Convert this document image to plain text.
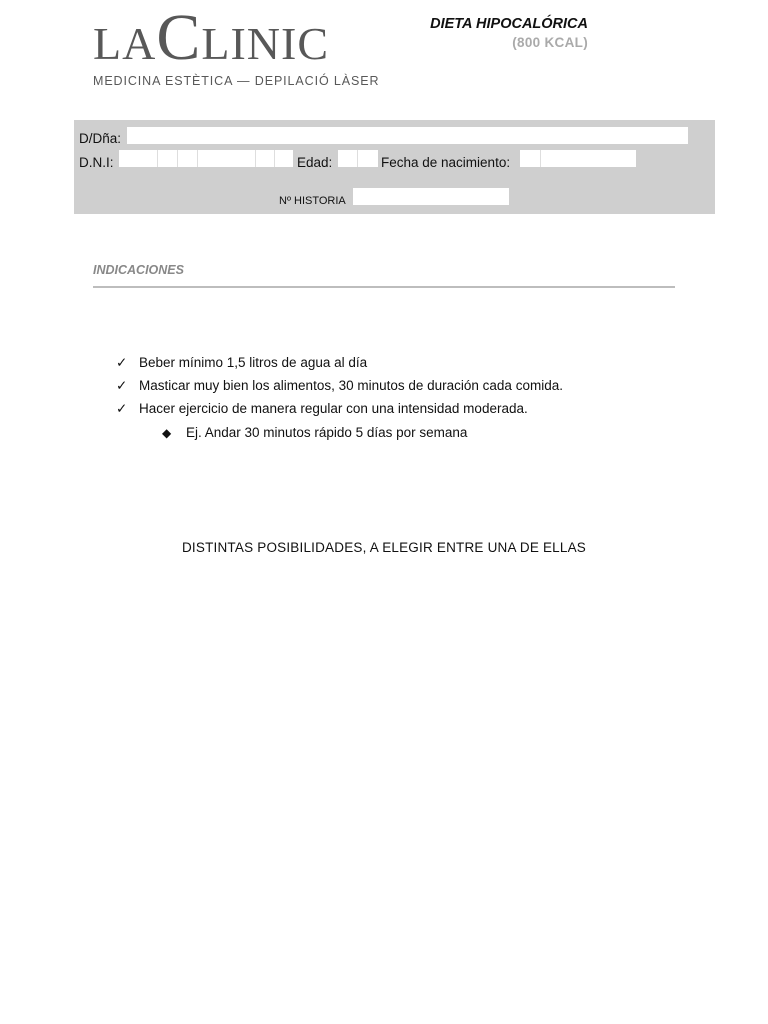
LACLINIC
MEDICINA ESTÈTICA — DEPILACIÓ LÀSER
DIETA HIPOCALÓRICA
(800 KCAL)
D/Dña:
D.N.I:	Edad:	Fecha de nacimiento:
Nº HISTORIA
INDICACIONES
✓ Beber mínimo 1,5 litros de agua al día
✓ Masticar muy bien los alimentos, 30 minutos de duración cada comida.
✓ Hacer ejercicio de manera regular con una intensidad moderada.
◆ Ej. Andar 30 minutos rápido 5 días por semana
DISTINTAS POSIBILIDADES, A ELEGIR ENTRE UNA DE ELLAS
